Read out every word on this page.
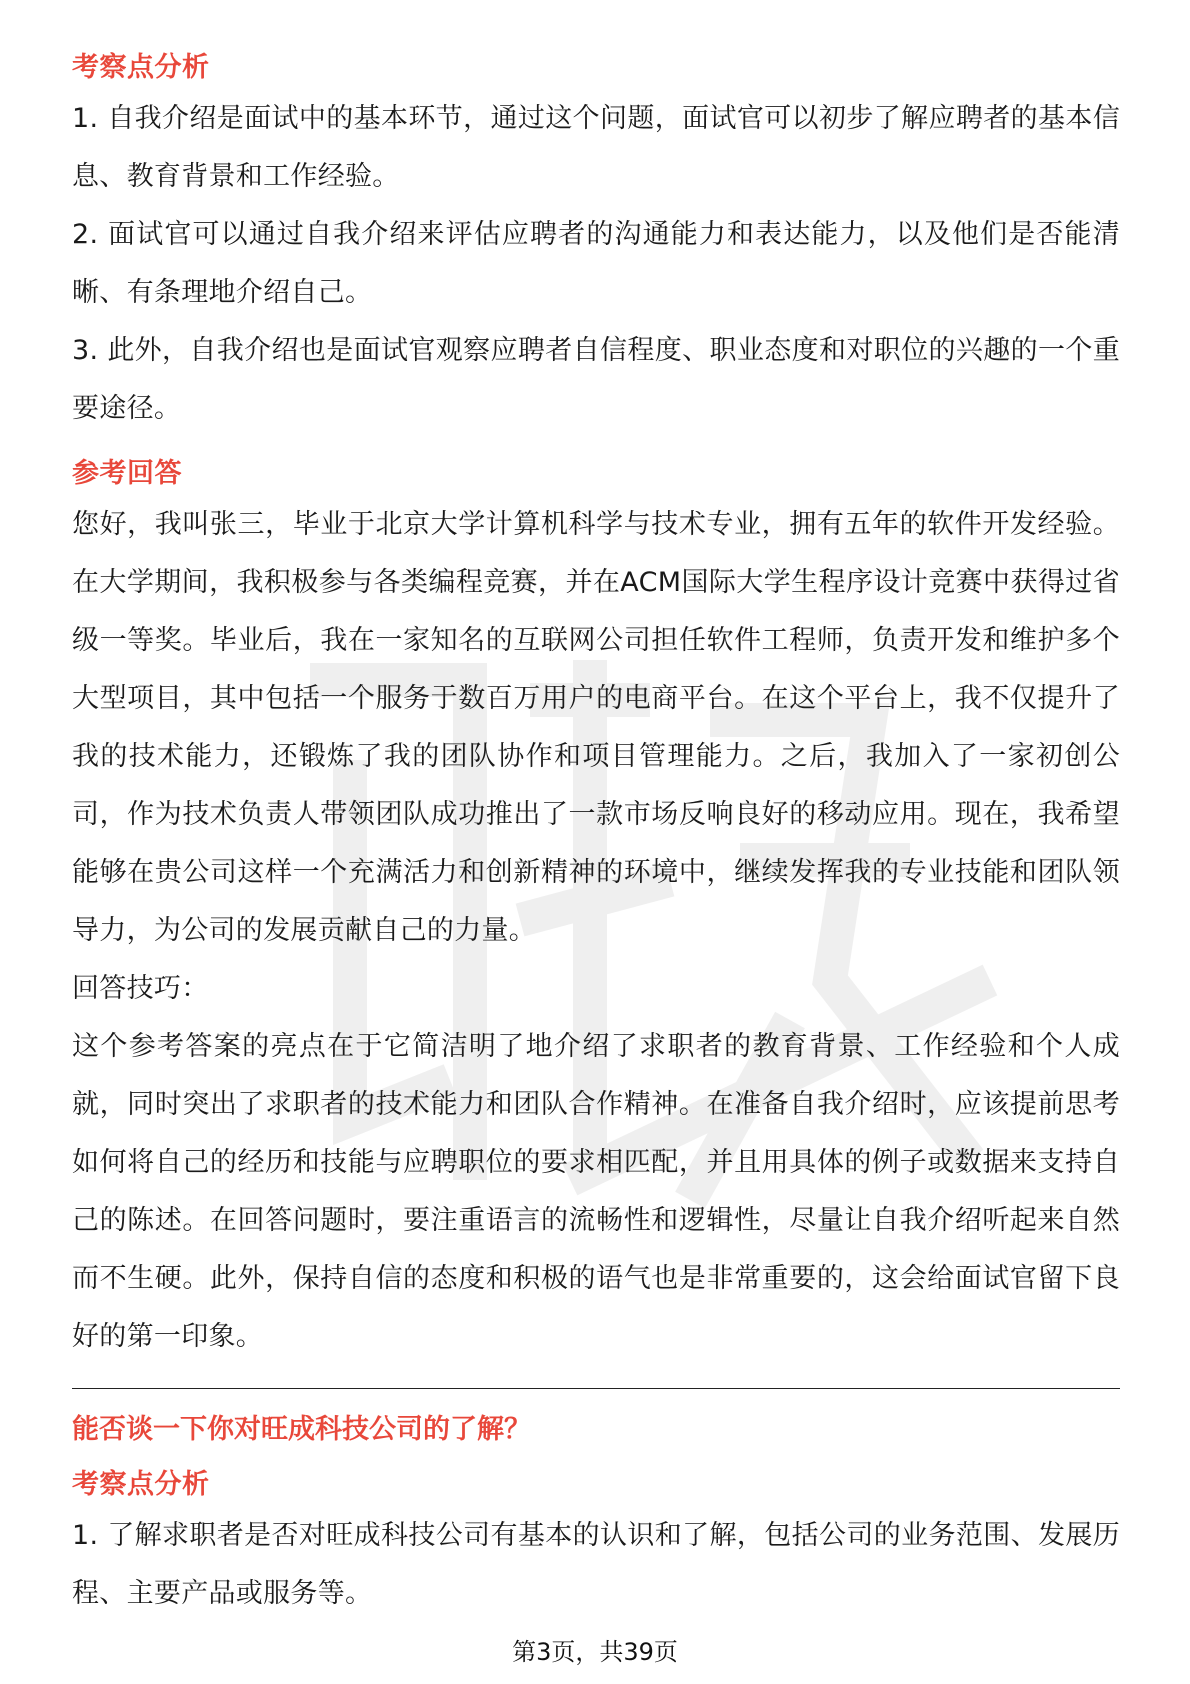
考察点分析

1. 自我介绍是面试中的基本环节，通过这个问题，面试官可以初步了解应聘者的基本信息、教育背景和工作经验。

2. 面试官可以通过自我介绍来评估应聘者的沟通能力和表达能力，以及他们是否能清晰、有条理地介绍自己。

3. 此外，自我介绍也是面试官观察应聘者自信程度、职业态度和对职位的兴趣的一个重要途径。

参考回答

您好，我叫张三，毕业于北京大学计算机科学与技术专业，拥有五年的软件开发经验。在大学期间，我积极参与各类编程竞赛，并在ACM国际大学生程序设计竞赛中获得过省级一等奖。毕业后，我在一家知名的互联网公司担任软件工程师，负责开发和维护多个大型项目，其中包括一个服务于数百万用户的电商平台。在这个平台上，我不仅提升了我的技术能力，还锻炼了我的团队协作和项目管理能力。之后，我加入了一家初创公司，作为技术负责人带领团队成功推出了一款市场反响良好的移动应用。现在，我希望能够在贵公司这样一个充满活力和创新精神的环境中，继续发挥我的专业技能和团队领导力，为公司的发展贡献自己的力量。

回答技巧：

这个参考答案的亮点在于它简洁明了地介绍了求职者的教育背景、工作经验和个人成就，同时突出了求职者的技术能力和团队合作精神。在准备自我介绍时，应该提前思考如何将自己的经历和技能与应聘职位的要求相匹配，并且用具体的例子或数据来支持自己的陈述。在回答问题时，要注重语言的流畅性和逻辑性，尽量让自我介绍听起来自然而不生硬。此外，保持自信的态度和积极的语气也是非常重要的，这会给面试官留下良好的第一印象。

能否谈一下你对旺成科技公司的了解？
考察点分析

1. 了解求职者是否对旺成科技公司有基本的认识和了解，包括公司的业务范围、发展历程、主要产品或服务等。

第3页，共39页
